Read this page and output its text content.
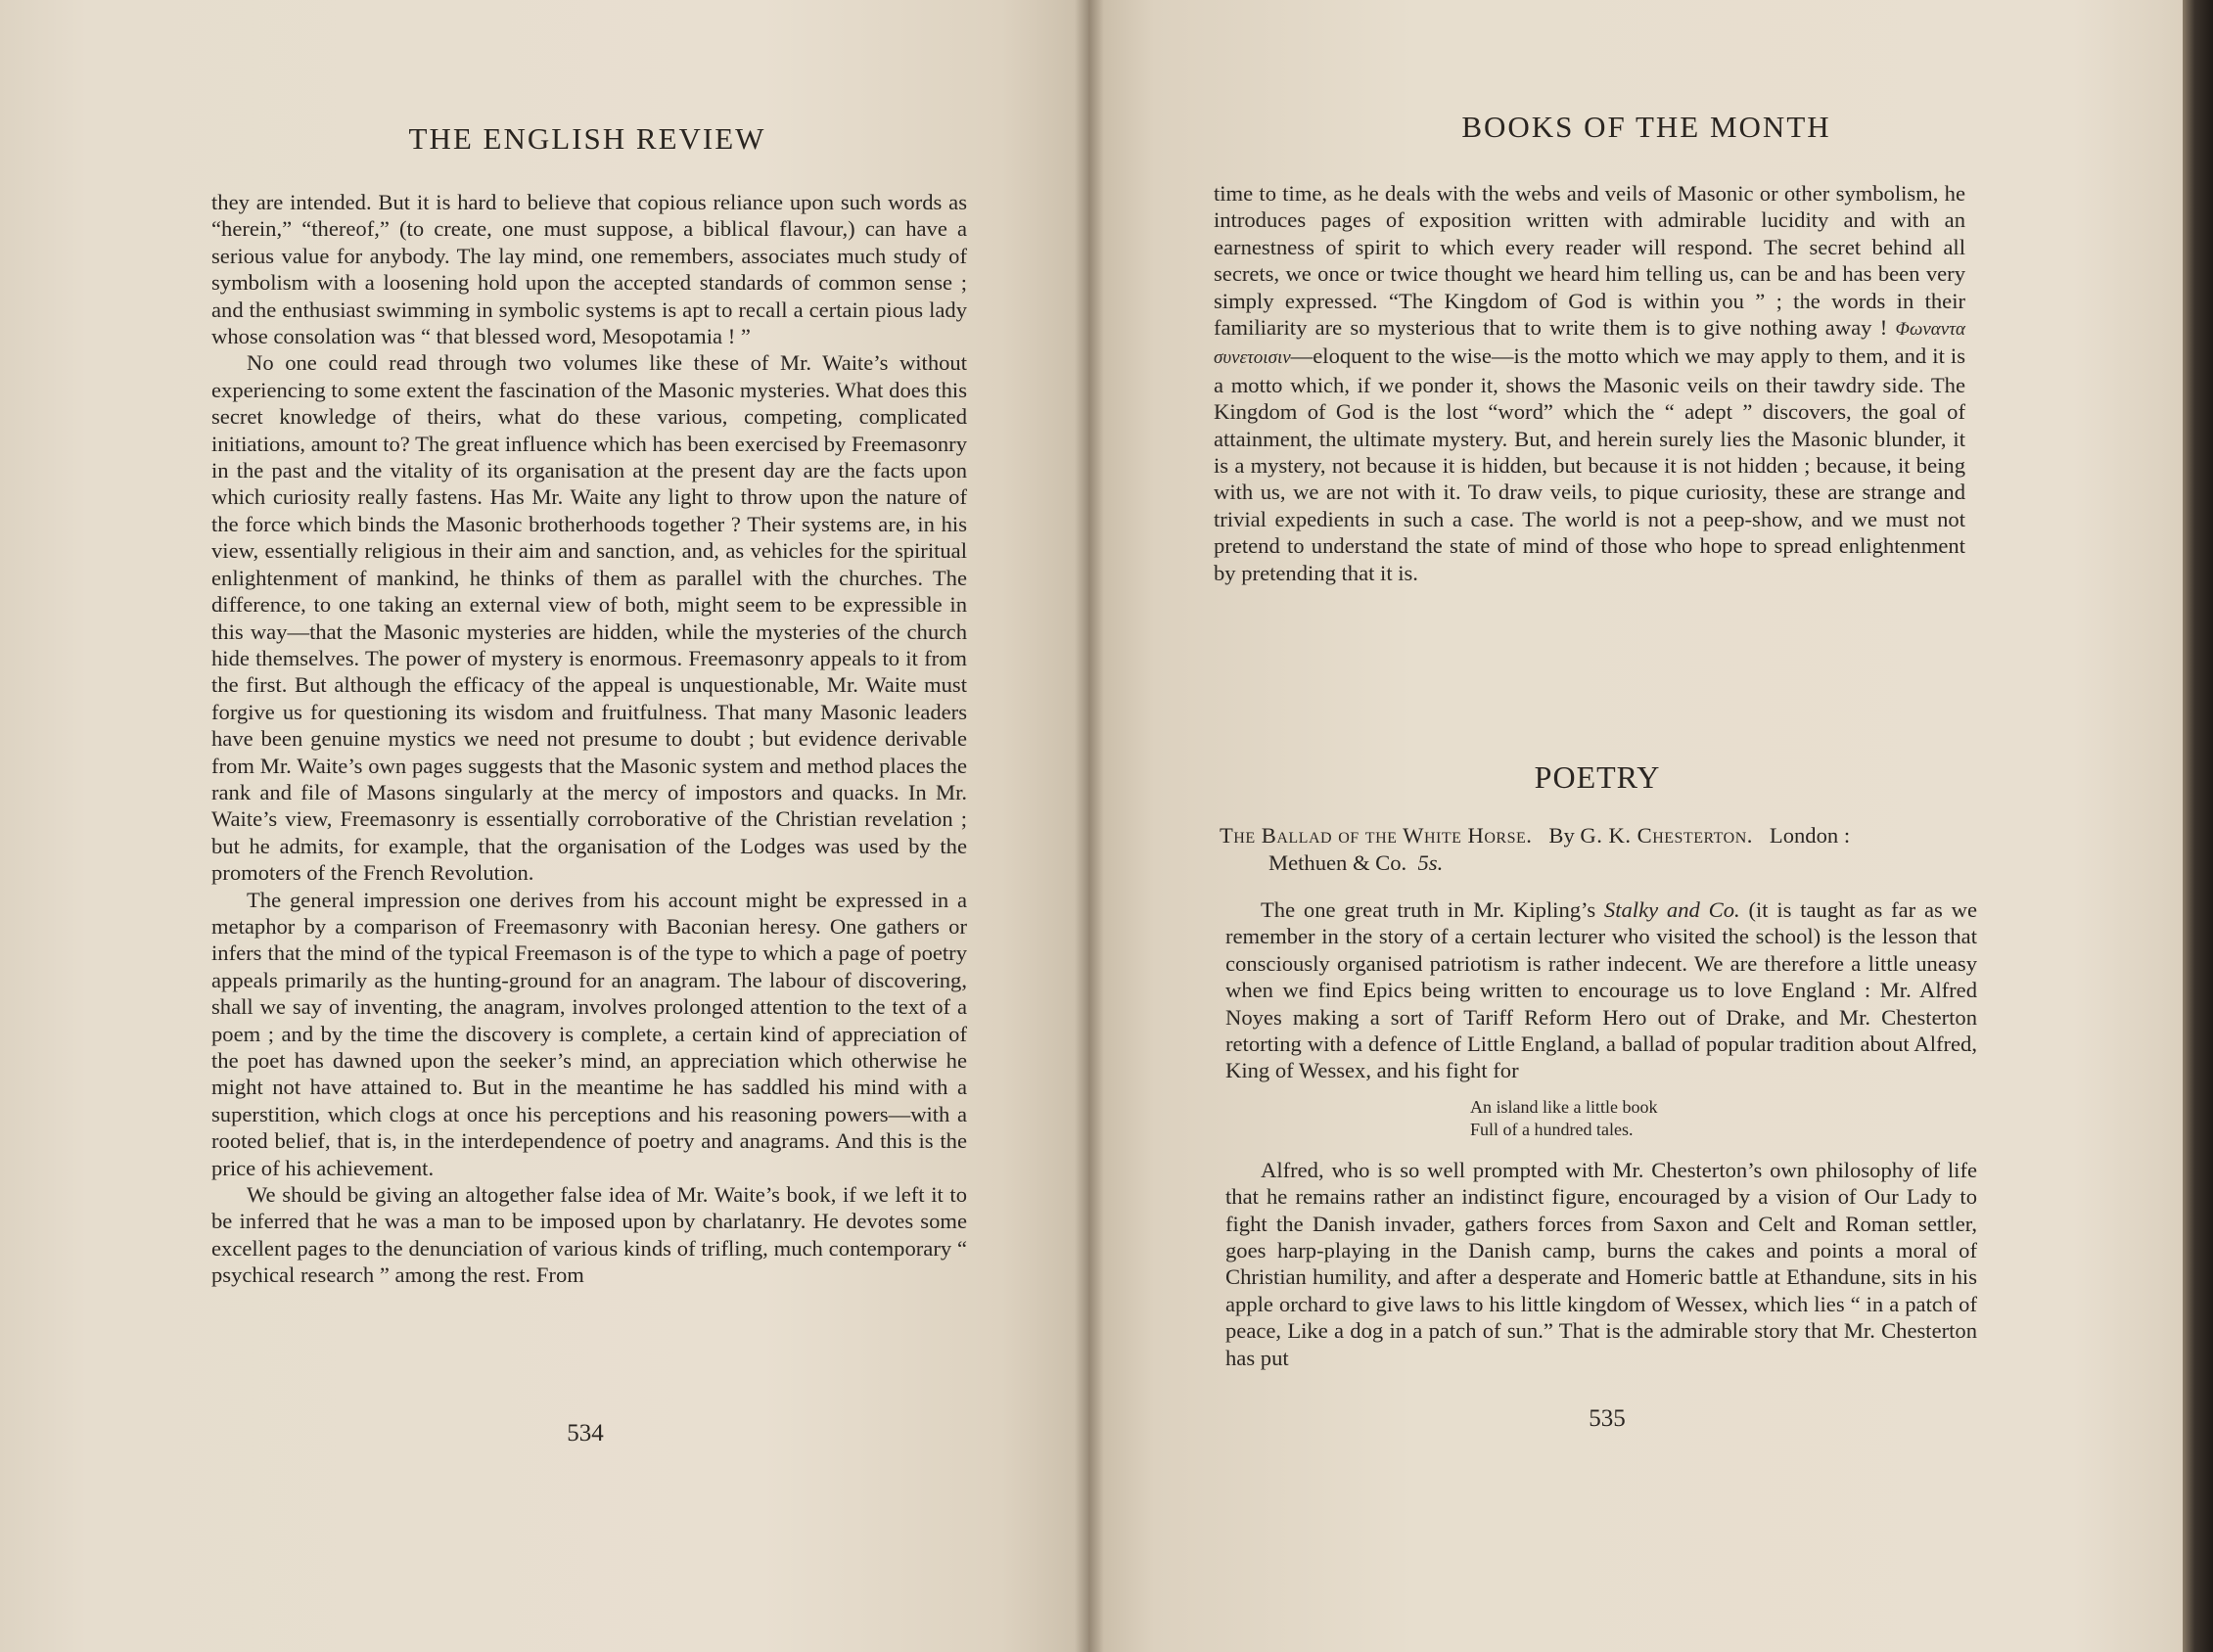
THE ENGLISH REVIEW

they are intended. But it is hard to believe that copious reliance upon such words as “herein,” “thereof,” (to create, one must suppose, a biblical flavour,) can have a serious value for anybody. The lay mind, one remembers, associates much study of symbolism with a loosening hold upon the accepted standards of common sense ; and the enthusiast swimming in symbolic systems is apt to recall a certain pious lady whose consolation was “ that blessed word, Mesopotamia ! ”

No one could read through two volumes like these of Mr. Waite’s without experiencing to some extent the fascination of the Masonic mysteries. What does this secret knowledge of theirs, what do these various, competing, complicated initiations, amount to? The great influence which has been exercised by Freemasonry in the past and the vitality of its organisation at the present day are the facts upon which curiosity really fastens. Has Mr. Waite any light to throw upon the nature of the force which binds the Masonic brotherhoods together ? Their systems are, in his view, essentially religious in their aim and sanction, and, as vehicles for the spiritual enlightenment of mankind, he thinks of them as parallel with the churches. The difference, to one taking an external view of both, might seem to be expressible in this way—that the Masonic mysteries are hidden, while the mysteries of the church hide themselves. The power of mystery is enormous. Freemasonry appeals to it from the first. But although the efficacy of the appeal is unquestionable, Mr. Waite must forgive us for questioning its wisdom and fruitfulness. That many Masonic leaders have been genuine mystics we need not presume to doubt ; but evidence derivable from Mr. Waite’s own pages suggests that the Masonic system and method places the rank and file of Masons singularly at the mercy of impostors and quacks. In Mr. Waite’s view, Freemasonry is essentially corroborative of the Christian revelation ; but he admits, for example, that the organisation of the Lodges was used by the promoters of the French Revolution.

The general impression one derives from his account might be expressed in a metaphor by a comparison of Freemasonry with Baconian heresy. One gathers or infers that the mind of the typical Freemason is of the type to which a page of poetry appeals primarily as the hunting-ground for an anagram. The labour of discovering, shall we say of inventing, the anagram, involves prolonged attention to the text of a poem ; and by the time the discovery is complete, a certain kind of appreciation of the poet has dawned upon the seeker’s mind, an appreciation which otherwise he might not have attained to. But in the meantime he has saddled his mind with a superstition, which clogs at once his perceptions and his reasoning powers—with a rooted belief, that is, in the interdependence of poetry and anagrams. And this is the price of his achievement.

We should be giving an altogether false idea of Mr. Waite’s book, if we left it to be inferred that he was a man to be imposed upon by charlatanry. He devotes some excellent pages to the denunciation of various kinds of trifling, much contemporary “ psychical research ” among the rest. From

534
BOOKS OF THE MONTH

time to time, as he deals with the webs and veils of Masonic or other symbolism, he introduces pages of exposition written with admirable lucidity and with an earnestness of spirit to which every reader will respond. The secret behind all secrets, we once or twice thought we heard him telling us, can be and has been very simply expressed. “The Kingdom of God is within you ” ; the words in their familiarity are so mysterious that to write them is to give nothing away ! Φωναντα συνετοισιν—eloquent to the wise—is the motto which we may apply to them, and it is a motto which, if we ponder it, shows the Masonic veils on their tawdry side. The Kingdom of God is the lost “word” which the “ adept ” discovers, the goal of attainment, the ultimate mystery. But, and herein surely lies the Masonic blunder, it is a mystery, not because it is hidden, but because it is not hidden ; because, it being with us, we are not with it. To draw veils, to pique curiosity, these are strange and trivial expedients in such a case. The world is not a peep-show, and we must not pretend to understand the state of mind of those who hope to spread enlightenment by pretending that it is.

POETRY
The Ballad of the White Horse. By G. K. Chesterton. London :
Methuen & Co. 5s.

The one great truth in Mr. Kipling’s Stalky and Co. (it is taught as far as we remember in the story of a certain lecturer who visited the school) is the lesson that consciously organised patriotism is rather indecent. We are therefore a little uneasy when we find Epics being written to encourage us to love England : Mr. Alfred Noyes making a sort of Tariff Reform Hero out of Drake, and Mr. Chesterton retorting with a defence of Little England, a ballad of popular tradition about Alfred, King of Wessex, and his fight for

An island like a little book
Full of a hundred tales.

Alfred, who is so well prompted with Mr. Chesterton’s own philosophy of life that he remains rather an indistinct figure, encouraged by a vision of Our Lady to fight the Danish invader, gathers forces from Saxon and Celt and Roman settler, goes harp-playing in the Danish camp, burns the cakes and points a moral of Christian humility, and after a desperate and Homeric battle at Ethandune, sits in his apple orchard to give laws to his little kingdom of Wessex, which lies “ in a patch of peace, Like a dog in a patch of sun.” That is the admirable story that Mr. Chesterton has put

535
